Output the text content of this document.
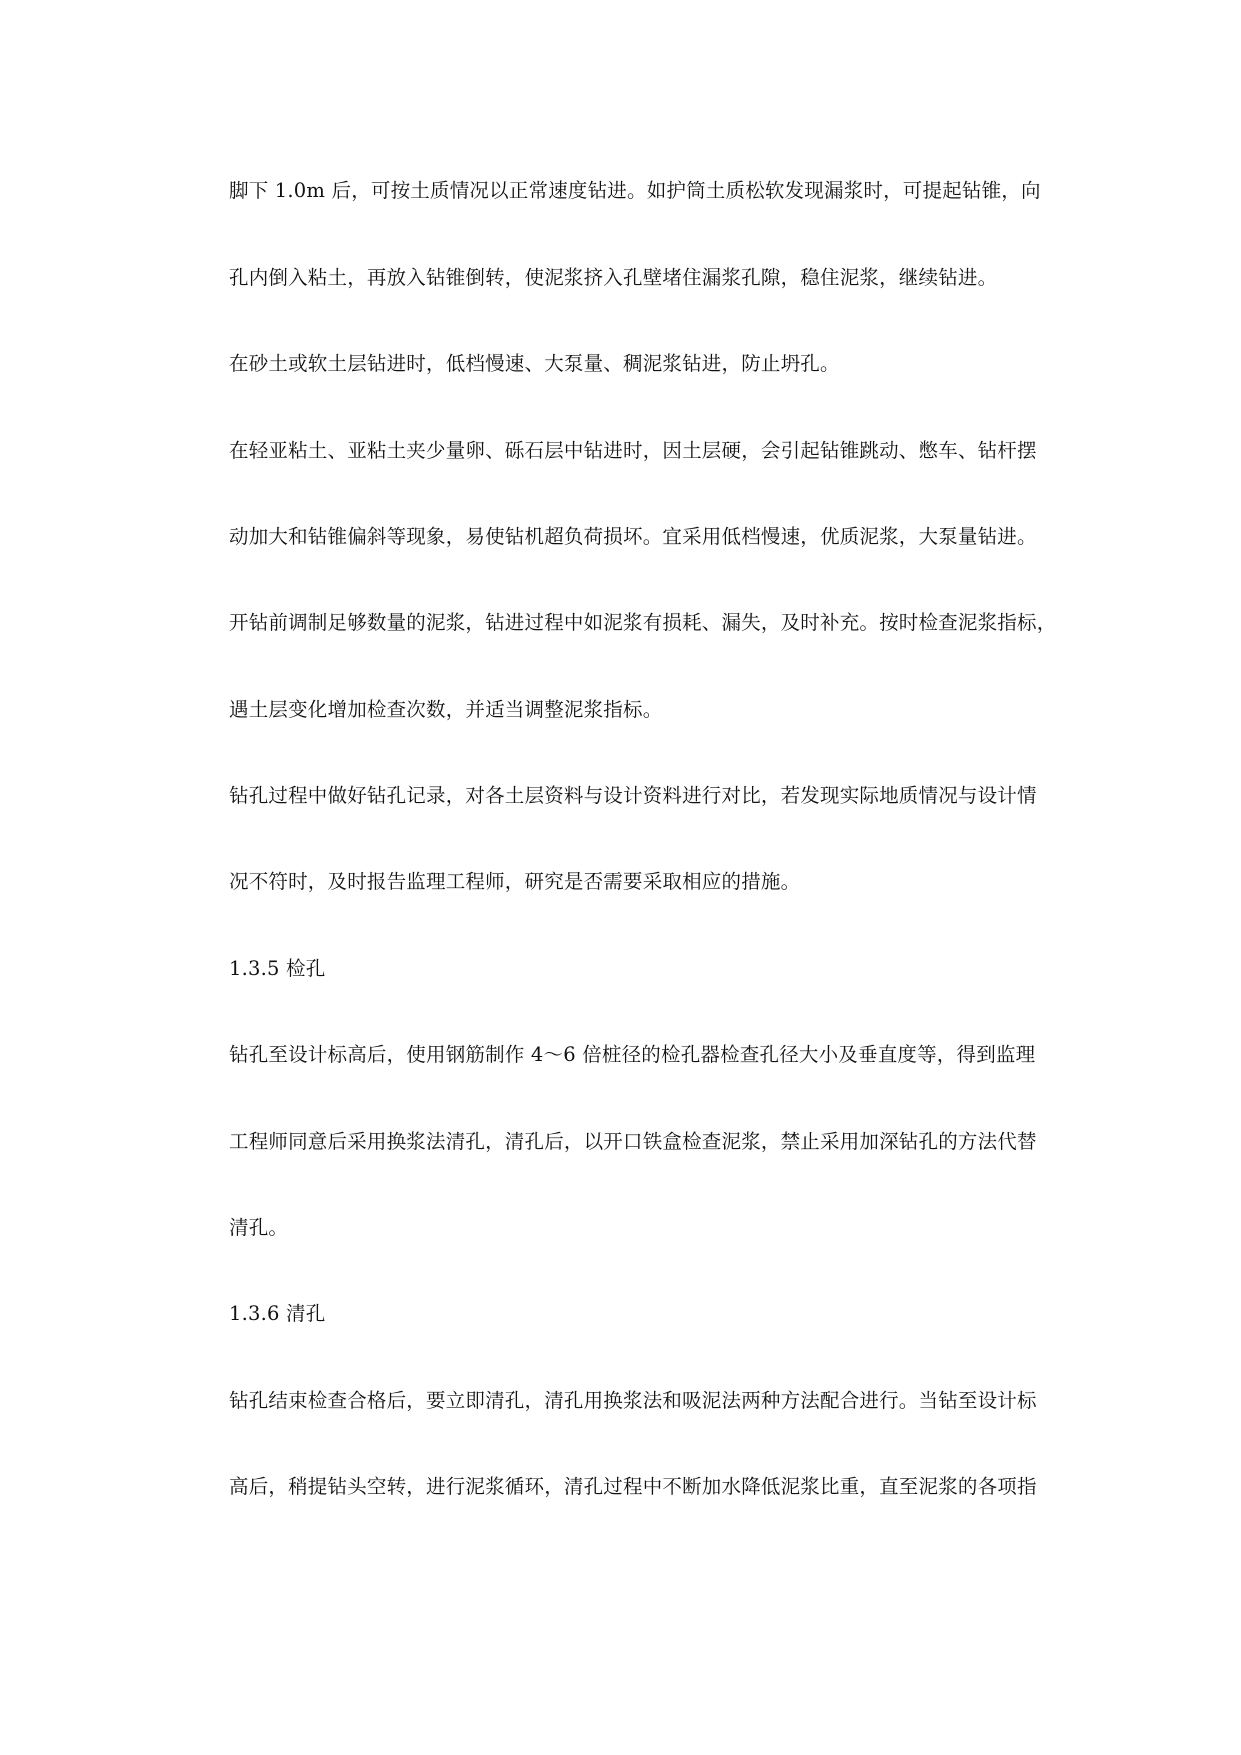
脚下 1.0m 后，可按土质情况以正常速度钻进。如护筒土质松软发现漏浆时，可提起钻锥，向
孔内倒入粘土，再放入钻锥倒转，使泥浆挤入孔壁堵住漏浆孔隙，稳住泥浆，继续钻进。
在砂土或软土层钻进时，低档慢速、大泵量、稠泥浆钻进，防止坍孔。
在轻亚粘土、亚粘土夹少量卵、砾石层中钻进时，因土层硬，会引起钻锥跳动、憋车、钻杆摆
动加大和钻锥偏斜等现象，易使钻机超负荷损坏。宜采用低档慢速，优质泥浆，大泵量钻进。
开钻前调制足够数量的泥浆，钻进过程中如泥浆有损耗、漏失，及时补充。按时检查泥浆指标，
遇土层变化增加检查次数，并适当调整泥浆指标。
钻孔过程中做好钻孔记录，对各土层资料与设计资料进行对比，若发现实际地质情况与设计情
况不符时，及时报告监理工程师，研究是否需要采取相应的措施。
1.3.5 检孔
钻孔至设计标高后，使用钢筋制作 4～6 倍桩径的检孔器检查孔径大小及垂直度等，得到监理
工程师同意后采用换浆法清孔，清孔后，以开口铁盒检查泥浆，禁止采用加深钻孔的方法代替
清孔。
1.3.6 清孔
钻孔结束检查合格后，要立即清孔，清孔用换浆法和吸泥法两种方法配合进行。当钻至设计标
高后，稍提钻头空转，进行泥浆循环，清孔过程中不断加水降低泥浆比重，直至泥浆的各项指
